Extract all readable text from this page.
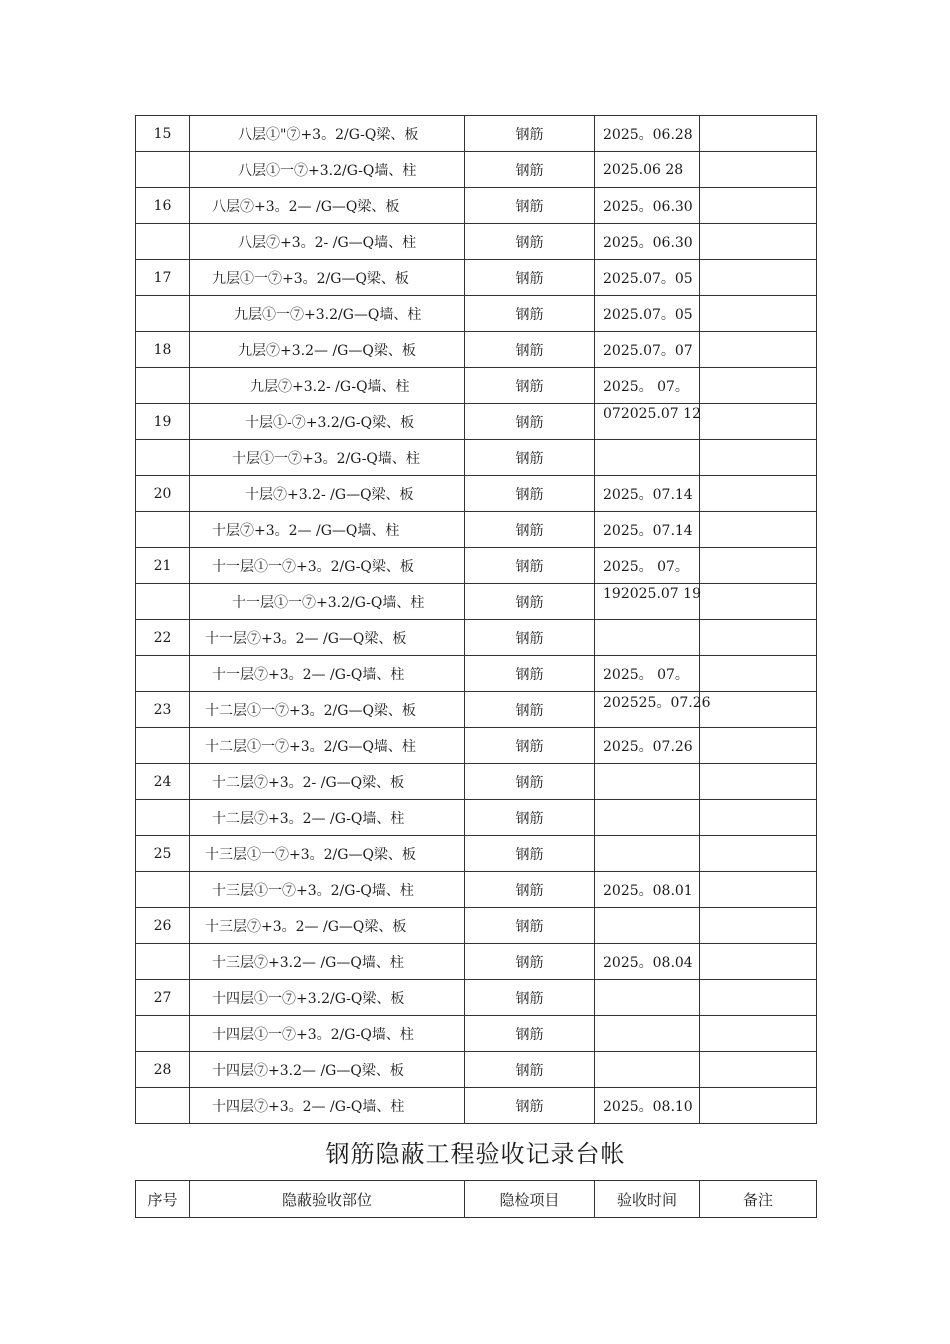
15	八层①"⑦+3。2/G-Q梁、板	钢筋	2025。06.28	
	八层①一⑦+3.2/G-Q墙、柱	钢筋	2025.06 28	
16	八层⑦+3。2— /G—Q梁、板	钢筋	2025。06.30	
	八层⑦+3。2- /G—Q墙、柱	钢筋	2025。06.30	
17	九层①一⑦+3。2/G—Q梁、板	钢筋	2025.07。05	
	九层①一⑦+3.2/G—Q墙、柱	钢筋	2025.07。05	
18	九层⑦+3.2— /G—Q梁、板	钢筋	2025.07。07	
	九层⑦+3.2- /G-Q墙、柱	钢筋	2025。 07。	
19	十层①-⑦+3.2/G-Q梁、板	钢筋	072025.07 12	
	十层①一⑦+3。2/G-Q墙、柱	钢筋		
20	十层⑦+3.2- /G—Q梁、板	钢筋	2025。07.14	
	十层⑦+3。2— /G—Q墙、柱	钢筋	2025。07.14	
21	十一层①一⑦+3。2/G-Q梁、板	钢筋	2025。 07。	
	十一层①一⑦+3.2/G-Q墙、柱	钢筋	192025.07 19	
22	十一层⑦+3。2— /G—Q梁、板	钢筋		
	十一层⑦+3。2— /G-Q墙、柱	钢筋	2025。 07。	
23	十二层①一⑦+3。2/G—Q梁、板	钢筋	202525。07.26	
	十二层①一⑦+3。2/G—Q墙、柱	钢筋	2025。07.26	
24	十二层⑦+3。2- /G—Q梁、板	钢筋		
	十二层⑦+3。2— /G-Q墙、柱	钢筋		
25	十三层①一⑦+3。2/G—Q梁、板	钢筋		
	十三层①一⑦+3。2/G-Q墙、柱	钢筋	2025。08.01	
26	十三层⑦+3。2— /G—Q梁、板	钢筋		
	十三层⑦+3.2— /G—Q墙、柱	钢筋	2025。08.04	
27	十四层①一⑦+3.2/G-Q梁、板	钢筋		
	十四层①一⑦+3。2/G-Q墙、柱	钢筋		
28	十四层⑦+3.2— /G—Q梁、板	钢筋		
	十四层⑦+3。2— /G-Q墙、柱	钢筋	2025。08.10	
钢筋隐蔽工程验收记录台帐
序号	隐蔽验收部位	隐检项目	验收时间	备注
